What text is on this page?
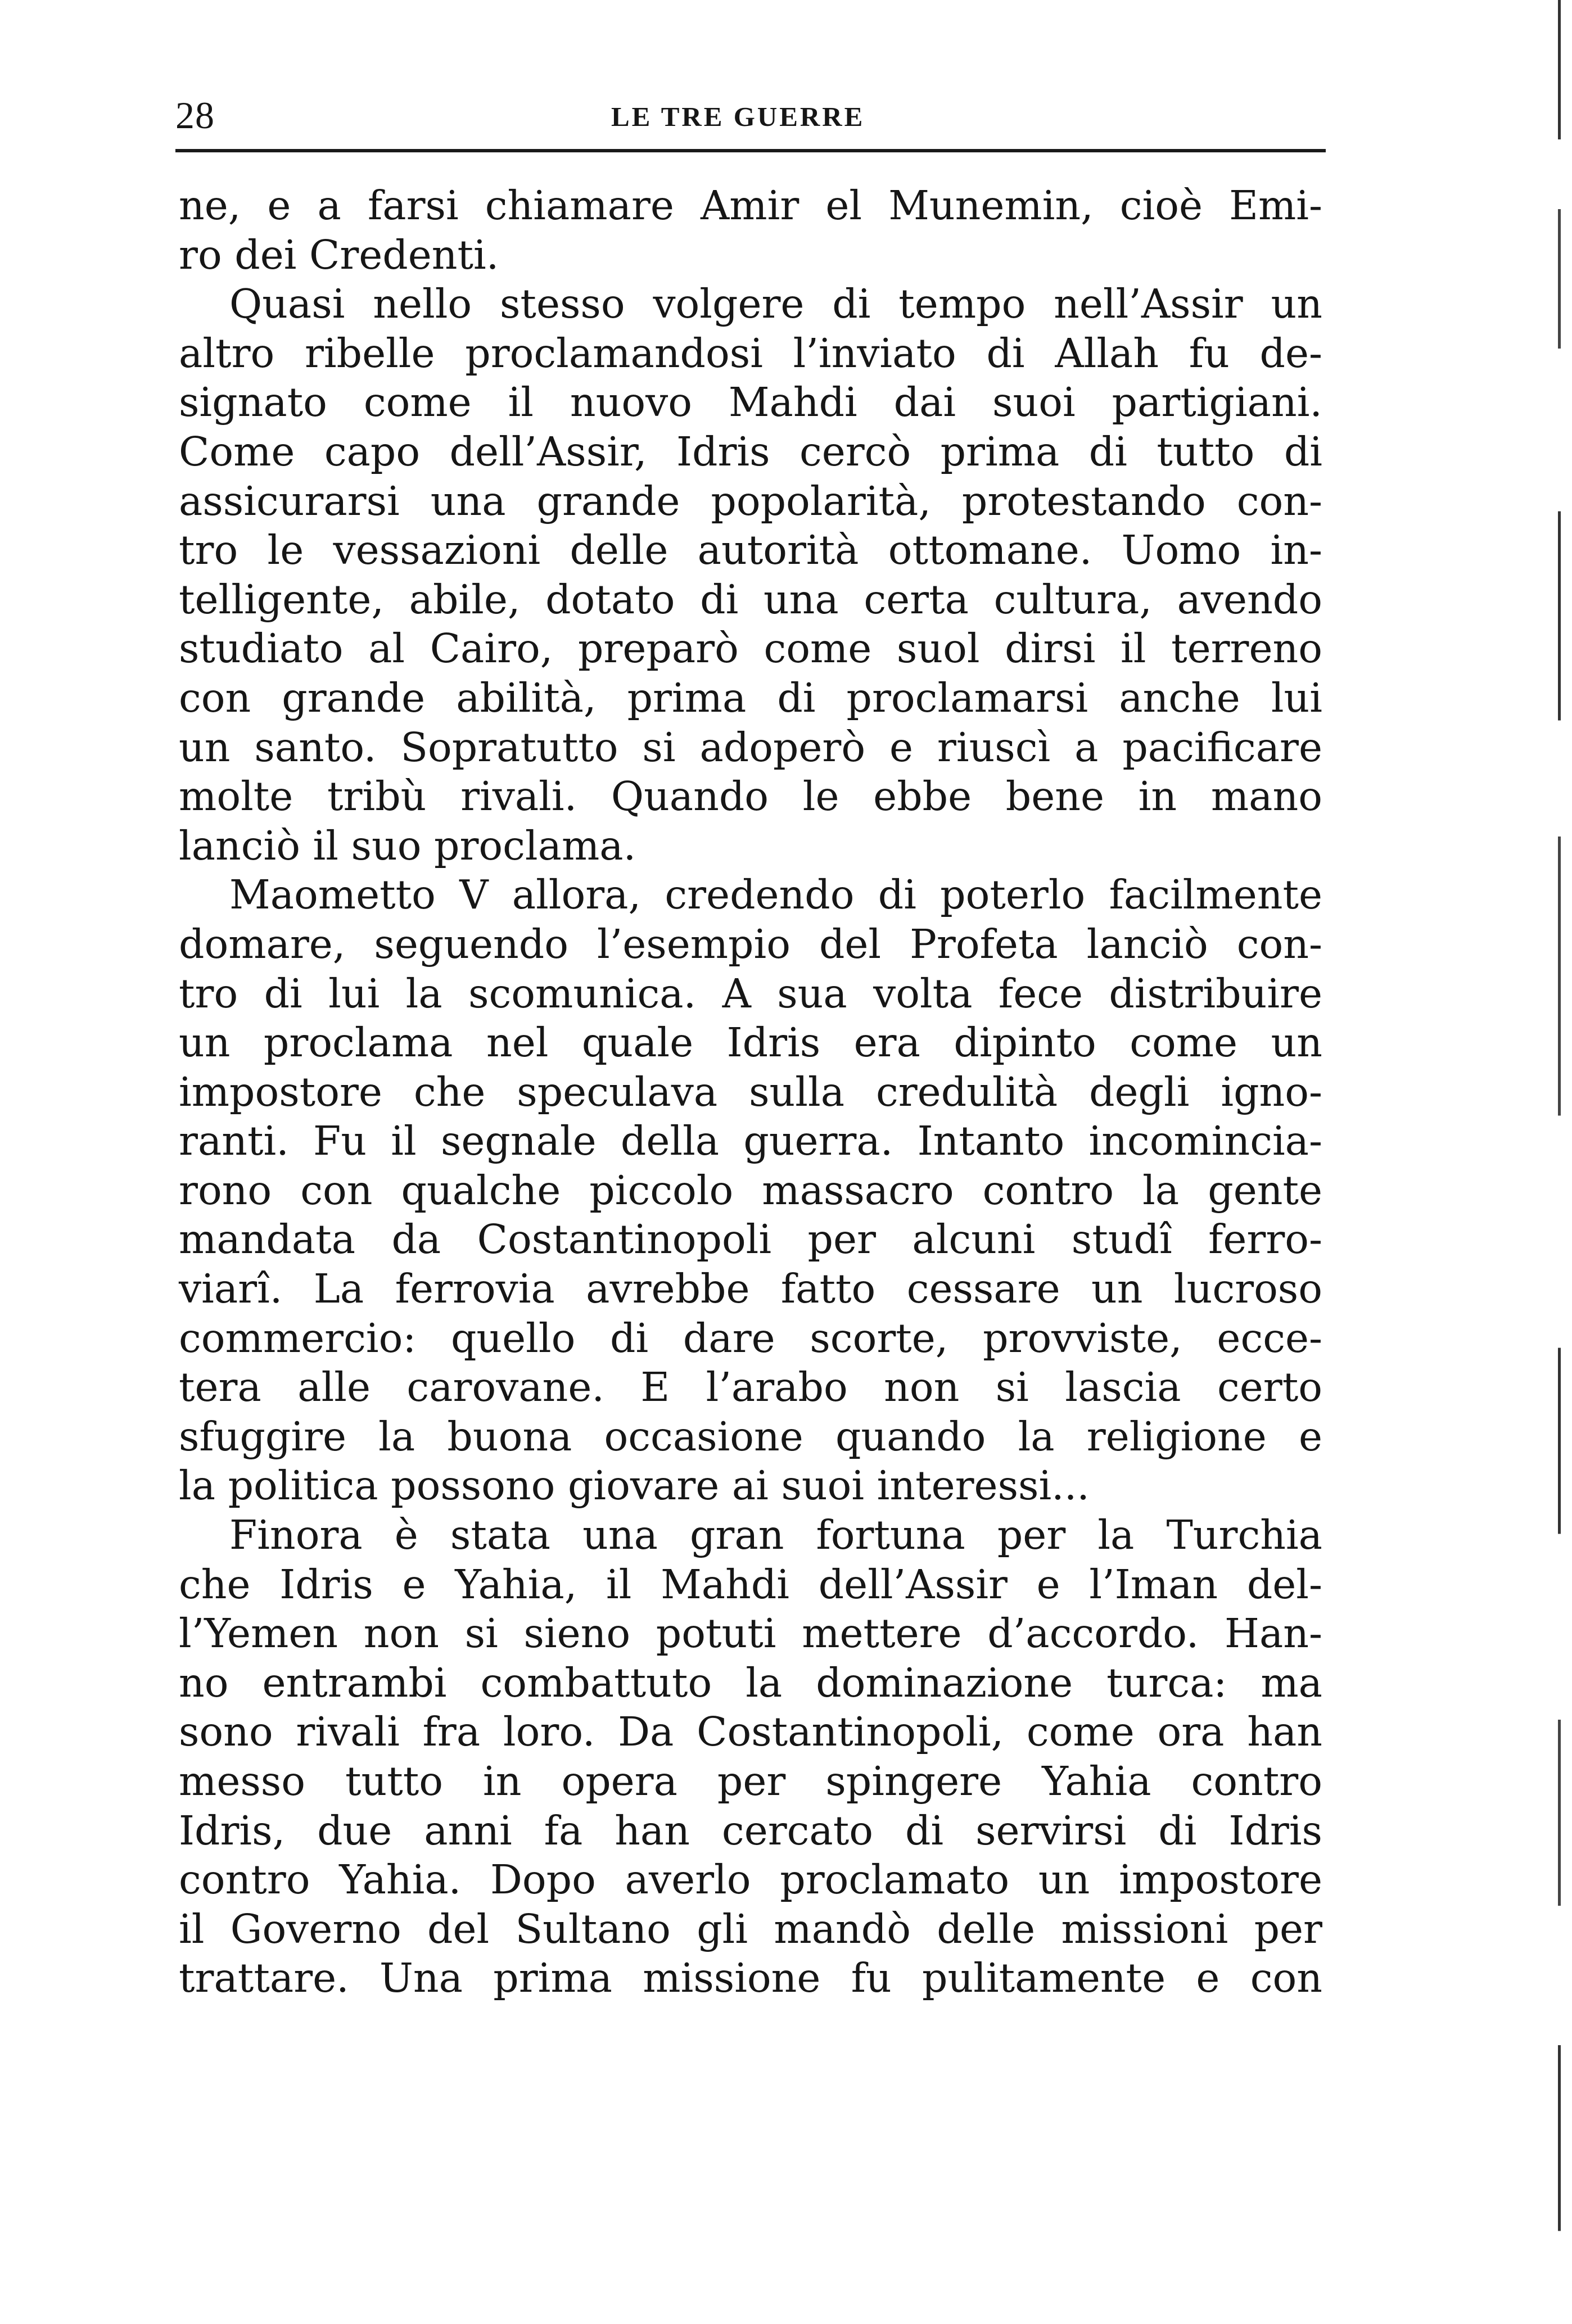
28	LE TRE GUERRE
ne, e a farsi chiamare Amir el Munemin, cioè Emi-
ro dei Credenti.
Quasi nello stesso volgere di tempo nell’Assir un
altro ribelle proclamandosi l’inviato di Allah fu de-
signato come il nuovo Mahdi dai suoi partigiani.
Come capo dell’Assir, Idris cercò prima di tutto di
assicurarsi una grande popolarità, protestando con-
tro le vessazioni delle autorità ottomane. Uomo in-
telligente, abile, dotato di una certa cultura, avendo
studiato al Cairo, preparò come suol dirsi il terreno
con grande abilità, prima di proclamarsi anche lui
un santo. Sopratutto si adoperò e riuscì a pacificare
molte tribù rivali. Quando le ebbe bene in mano
lanciò il suo proclama.
Maometto V allora, credendo di poterlo facilmente
domare, seguendo l’esempio del Profeta lanciò con-
tro di lui la scomunica. A sua volta fece distribuire
un proclama nel quale Idris era dipinto come un
impostore che speculava sulla credulità degli igno-
ranti. Fu il segnale della guerra. Intanto incomincia-
rono con qualche piccolo massacro contro la gente
mandata da Costantinopoli per alcuni studî ferro-
viarî. La ferrovia avrebbe fatto cessare un lucroso
commercio: quello di dare scorte, provviste, ecce-
tera alle carovane. E l’arabo non si lascia certo
sfuggire la buona occasione quando la religione e
la politica possono giovare ai suoi interessi...
Finora è stata una gran fortuna per la Turchia
che Idris e Yahia, il Mahdi dell’Assir e l’Iman del-
l’Yemen non si sieno potuti mettere d’accordo. Han-
no entrambi combattuto la dominazione turca: ma
sono rivali fra loro. Da Costantinopoli, come ora han
messo tutto in opera per spingere Yahia contro
Idris, due anni fa han cercato di servirsi di Idris
contro Yahia. Dopo averlo proclamato un impostore
il Governo del Sultano gli mandò delle missioni per
trattare. Una prima missione fu pulitamente e con
